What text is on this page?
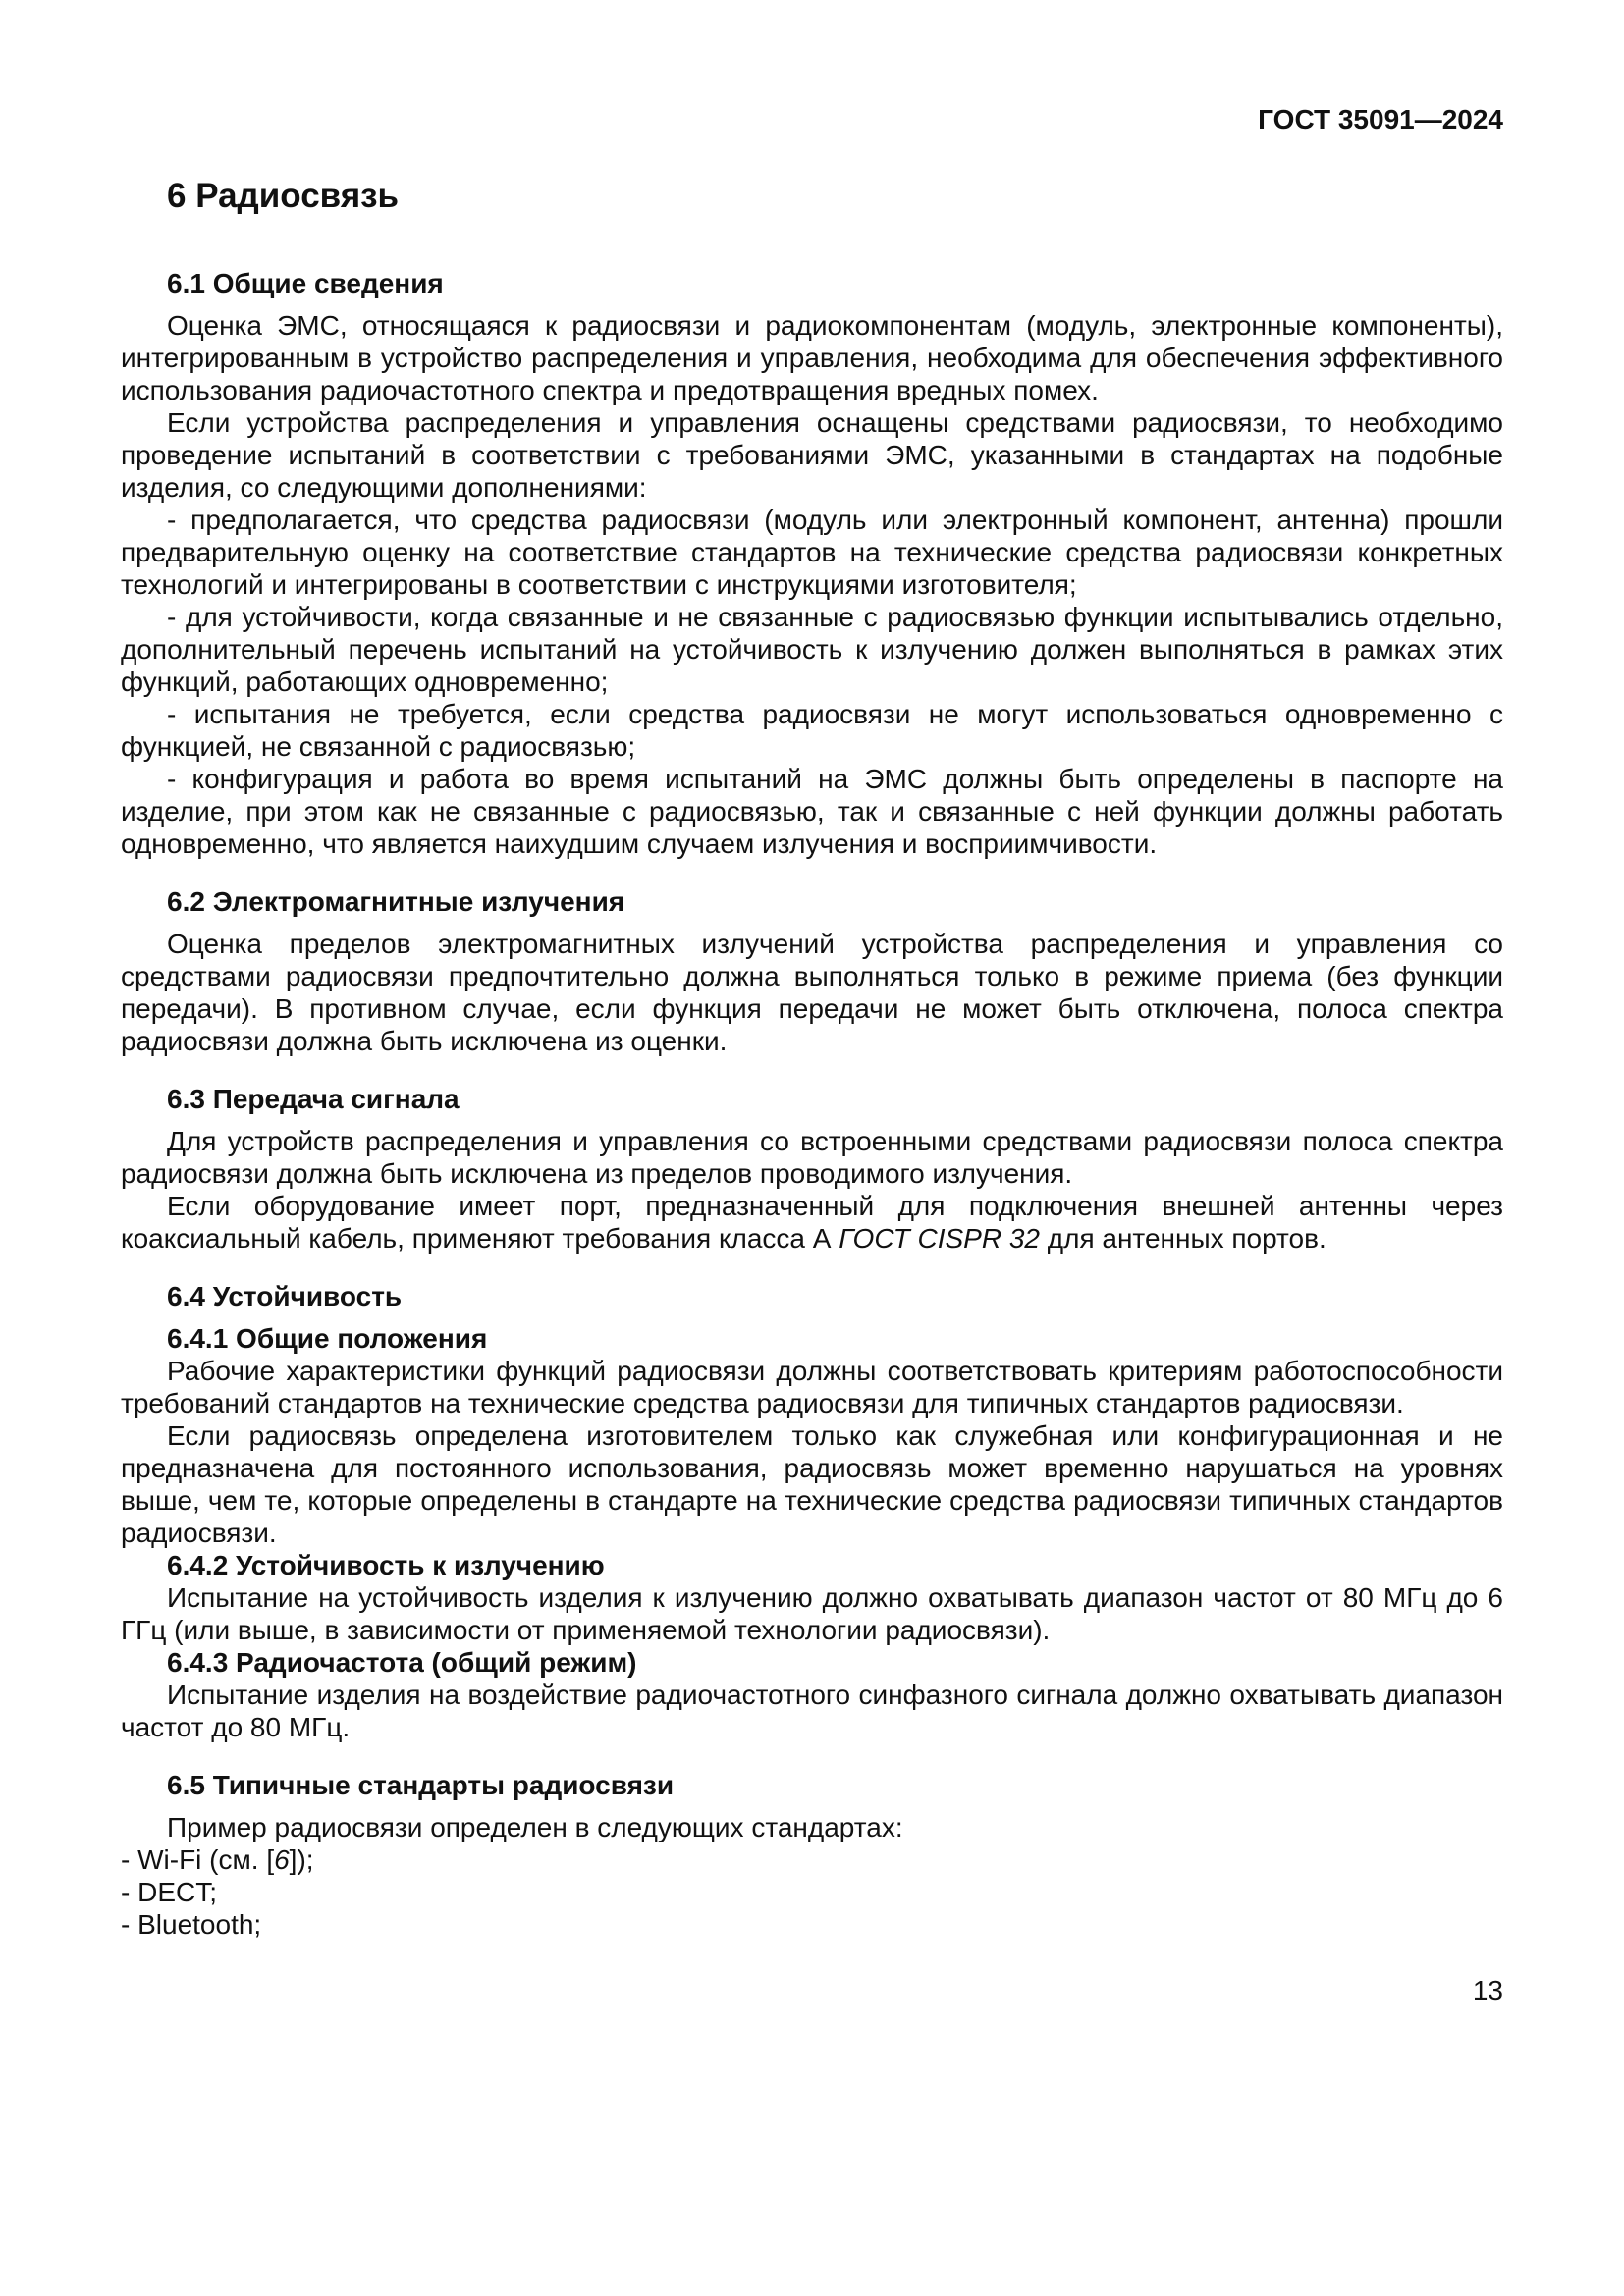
ГОСТ 35091—2024
6 Радиосвязь
6.1 Общие сведения

Оценка ЭМС, относящаяся к радиосвязи и радиокомпонентам (модуль, электронные компоненты), интегрированным в устройство распределения и управления, необходима для обеспечения эффективного использования радиочастотного спектра и предотвращения вредных помех.

Если устройства распределения и управления оснащены средствами радиосвязи, то необходимо проведение испытаний в соответствии с требованиями ЭМС, указанными в стандартах на подобные изделия, со следующими дополнениями:

- предполагается, что средства радиосвязи (модуль или электронный компонент, антенна) прошли предварительную оценку на соответствие стандартов на технические средства радиосвязи конкретных технологий и интегрированы в соответствии с инструкциями изготовителя;

- для устойчивости, когда связанные и не связанные с радиосвязью функции испытывались отдельно, дополнительный перечень испытаний на устойчивость к излучению должен выполняться в рамках этих функций, работающих одновременно;

- испытания не требуется, если средства радиосвязи не могут использоваться одновременно с функцией, не связанной с радиосвязью;

- конфигурация и работа во время испытаний на ЭМС должны быть определены в паспорте на изделие, при этом как не связанные с радиосвязью, так и связанные с ней функции должны работать одновременно, что является наихудшим случаем излучения и восприимчивости.

6.2 Электромагнитные излучения

Оценка пределов электромагнитных излучений устройства распределения и управления со средствами радиосвязи предпочтительно должна выполняться только в режиме приема (без функции передачи). В противном случае, если функция передачи не может быть отключена, полоса спектра радиосвязи должна быть исключена из оценки.

6.3 Передача сигнала

Для устройств распределения и управления со встроенными средствами радиосвязи полоса спектра радиосвязи должна быть исключена из пределов проводимого излучения.

Если оборудование имеет порт, предназначенный для подключения внешней антенны через коаксиальный кабель, применяют требования класса А ГОСТ CISPR 32 для антенных портов.

6.4 Устойчивость
6.4.1 Общие положения

Рабочие характеристики функций радиосвязи должны соответствовать критериям работоспособности требований стандартов на технические средства радиосвязи для типичных стандартов радиосвязи.

Если радиосвязь определена изготовителем только как служебная или конфигурационная и не предназначена для постоянного использования, радиосвязь может временно нарушаться на уровнях выше, чем те, которые определены в стандарте на технические средства радиосвязи типичных стандартов радиосвязи.

6.4.2 Устойчивость к излучению

Испытание на устойчивость изделия к излучению должно охватывать диапазон частот от 80 МГц до 6 ГГц (или выше, в зависимости от применяемой технологии радиосвязи).

6.4.3 Радиочастота (общий режим)

Испытание изделия на воздействие радиочастотного синфазного сигнала должно охватывать диапазон частот до 80 МГц.

6.5 Типичные стандарты радиосвязи

Пример радиосвязи определен в следующих стандартах:

- Wi-Fi (см. [6]);

- DECT;

- Bluetooth;

13
